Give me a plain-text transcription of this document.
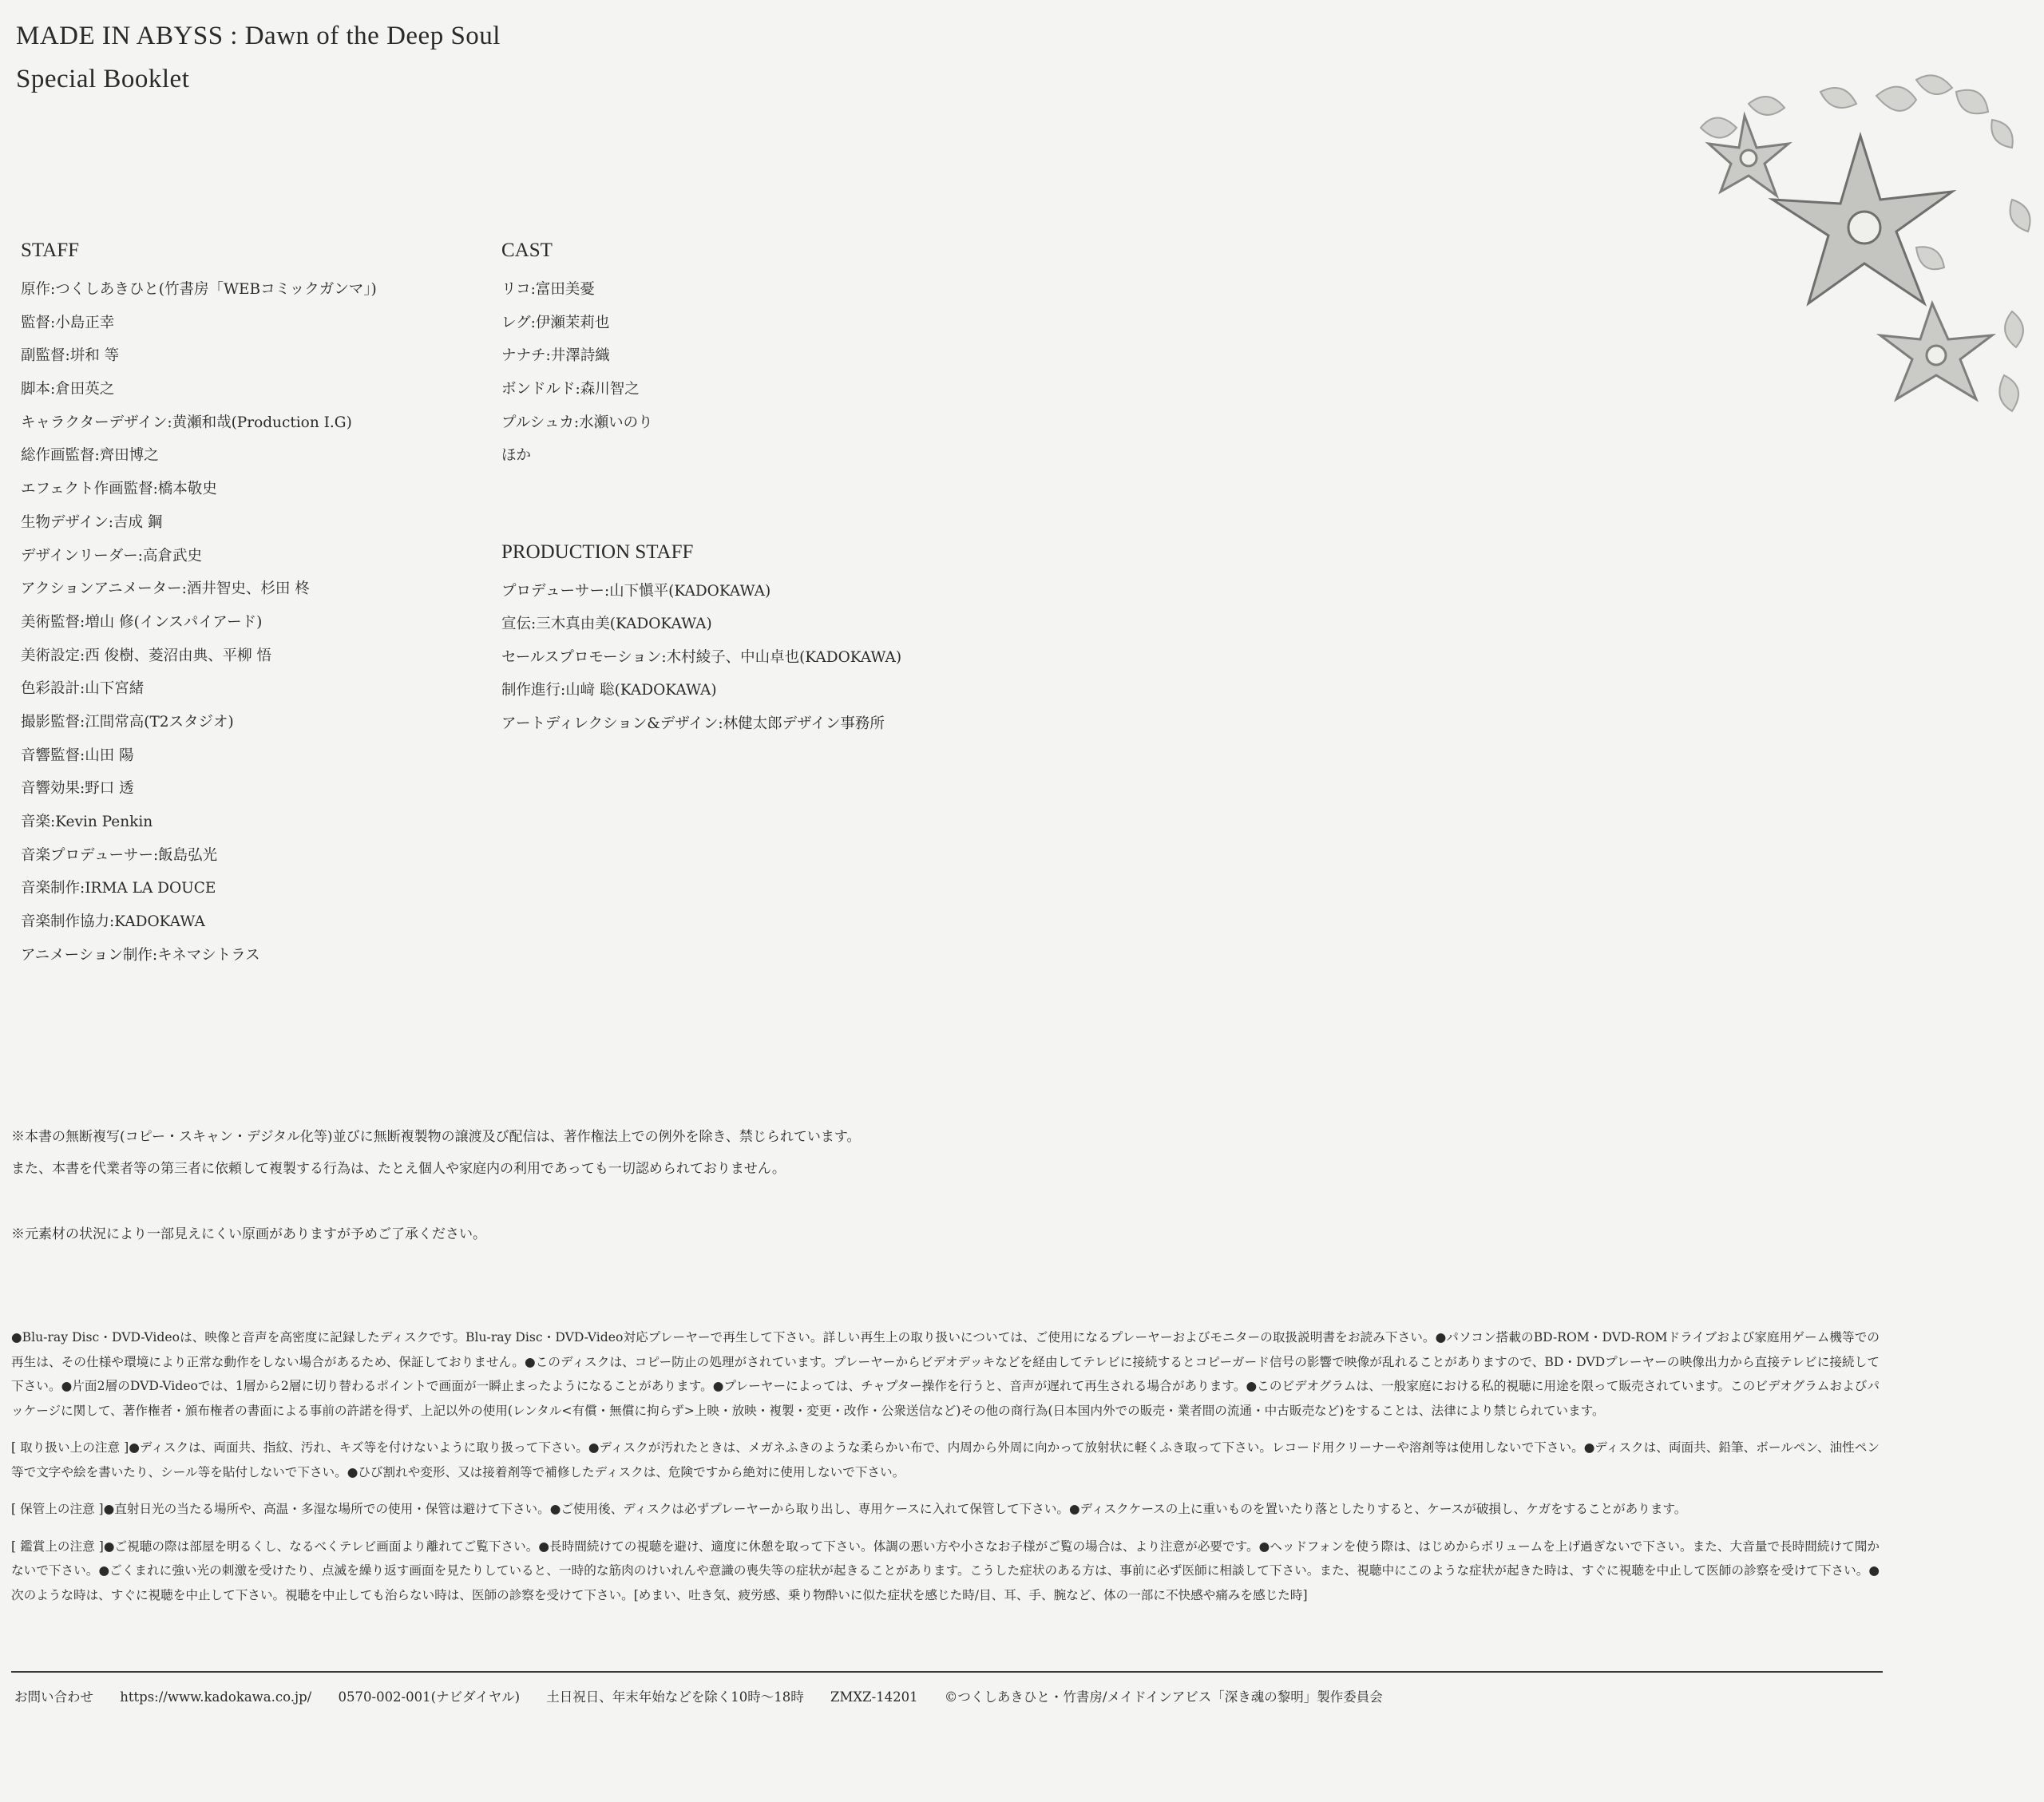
MADE IN ABYSS : Dawn of the Deep Soul
Special Booklet
STAFF
原作:つくしあきひと(竹書房「WEBコミックガンマ」)
監督:小島正幸
副監督:垪和 等
脚本:倉田英之
キャラクターデザイン:黄瀬和哉(Production I.G)
総作画監督:齊田博之
エフェクト作画監督:橋本敬史
生物デザイン:吉成 鋼
デザインリーダー:高倉武史
アクションアニメーター:酒井智史、杉田 柊
美術監督:増山 修(インスパイアード)
美術設定:西 俊樹、菱沼由典、平柳 悟
色彩設計:山下宮緒
撮影監督:江間常高(T2スタジオ)
音響監督:山田 陽
音響効果:野口 透
音楽:Kevin Penkin
音楽プロデューサー:飯島弘光
音楽制作:IRMA LA DOUCE
音楽制作協力:KADOKAWA
アニメーション制作:キネマシトラス
CAST
リコ:富田美憂
レグ:伊瀬茉莉也
ナナチ:井澤詩織
ボンドルド:森川智之
プルシュカ:水瀬いのり
ほか
PRODUCTION STAFF
プロデューサー:山下愼平(KADOKAWA)
宣伝:三木真由美(KADOKAWA)
セールスプロモーション:木村綾子、中山卓也(KADOKAWA)
制作進行:山﨑 聡(KADOKAWA)
アートディレクション&デザイン:林健太郎デザイン事務所
※本書の無断複写(コピー・スキャン・デジタル化等)並びに無断複製物の譲渡及び配信は、著作権法上での例外を除き、禁じられています。
また、本書を代業者等の第三者に依頼して複製する行為は、たとえ個人や家庭内の利用であっても一切認められておりません。
※元素材の状況により一部見えにくい原画がありますが予めご了承ください。

●Blu-ray Disc・DVD-Videoは、映像と音声を高密度に記録したディスクです。Blu-ray Disc・DVD-Video対応プレーヤーで再生して下さい。詳しい再生上の取り扱いについては、ご使用になるプレーヤーおよびモニターの取扱説明書をお読み下さい。●パソコン搭載のBD-ROM・DVD-ROMドライブおよび家庭用ゲーム機等での再生は、その仕様や環境により正常な動作をしない場合があるため、保証しておりません。●このディスクは、コピー防止の処理がされています。プレーヤーからビデオデッキなどを経由してテレビに接続するとコピーガード信号の影響で映像が乱れることがありますので、BD・DVDプレーヤーの映像出力から直接テレビに接続して下さい。●片面2層のDVD-Videoでは、1層から2層に切り替わるポイントで画面が一瞬止まったようになることがあります。●プレーヤーによっては、チャプター操作を行うと、音声が遅れて再生される場合があります。●このビデオグラムは、一般家庭における私的視聴に用途を限って販売されています。このビデオグラムおよびパッケージに関して、著作権者・頒布権者の書面による事前の許諾を得ず、上記以外の使用(レンタル<有償・無償に拘らず>上映・放映・複製・変更・改作・公衆送信など)その他の商行為(日本国内外での販売・業者間の流通・中古販売など)をすることは、法律により禁じられています。

[ 取り扱い上の注意 ]●ディスクは、両面共、指紋、汚れ、キズ等を付けないように取り扱って下さい。●ディスクが汚れたときは、メガネふきのような柔らかい布で、内周から外周に向かって放射状に軽くふき取って下さい。レコード用クリーナーや溶剤等は使用しないで下さい。●ディスクは、両面共、鉛筆、ボールペン、油性ペン等で文字や絵を書いたり、シール等を貼付しないで下さい。●ひび割れや変形、又は接着剤等で補修したディスクは、危険ですから絶対に使用しないで下さい。

[ 保管上の注意 ]●直射日光の当たる場所や、高温・多湿な場所での使用・保管は避けて下さい。●ご使用後、ディスクは必ずプレーヤーから取り出し、専用ケースに入れて保管して下さい。●ディスクケースの上に重いものを置いたり落としたりすると、ケースが破損し、ケガをすることがあります。

[ 鑑賞上の注意 ]●ご視聴の際は部屋を明るくし、なるべくテレビ画面より離れてご覧下さい。●長時間続けての視聴を避け、適度に休憩を取って下さい。体調の悪い方や小さなお子様がご覧の場合は、より注意が必要です。●ヘッドフォンを使う際は、はじめからボリュームを上げ過ぎないで下さい。また、大音量で長時間続けて聞かないで下さい。●ごくまれに強い光の刺激を受けたり、点滅を繰り返す画面を見たりしていると、一時的な筋肉のけいれんや意識の喪失等の症状が起きることがあります。こうした症状のある方は、事前に必ず医師に相談して下さい。また、視聴中にこのような症状が起きた時は、すぐに視聴を中止して医師の診察を受けて下さい。●次のような時は、すぐに視聴を中止して下さい。視聴を中止しても治らない時は、医師の診察を受けて下さい。[めまい、吐き気、疲労感、乗り物酔いに似た症状を感じた時/目、耳、手、腕など、体の一部に不快感や痛みを感じた時]

お問い合わせ https://www.kadokawa.co.jp/ 0570-002-001(ナビダイヤル) 土日祝日、年末年始などを除く10時〜18時 ZMXZ-14201 ©つくしあきひと・竹書房/メイドインアビス「深き魂の黎明」製作委員会
